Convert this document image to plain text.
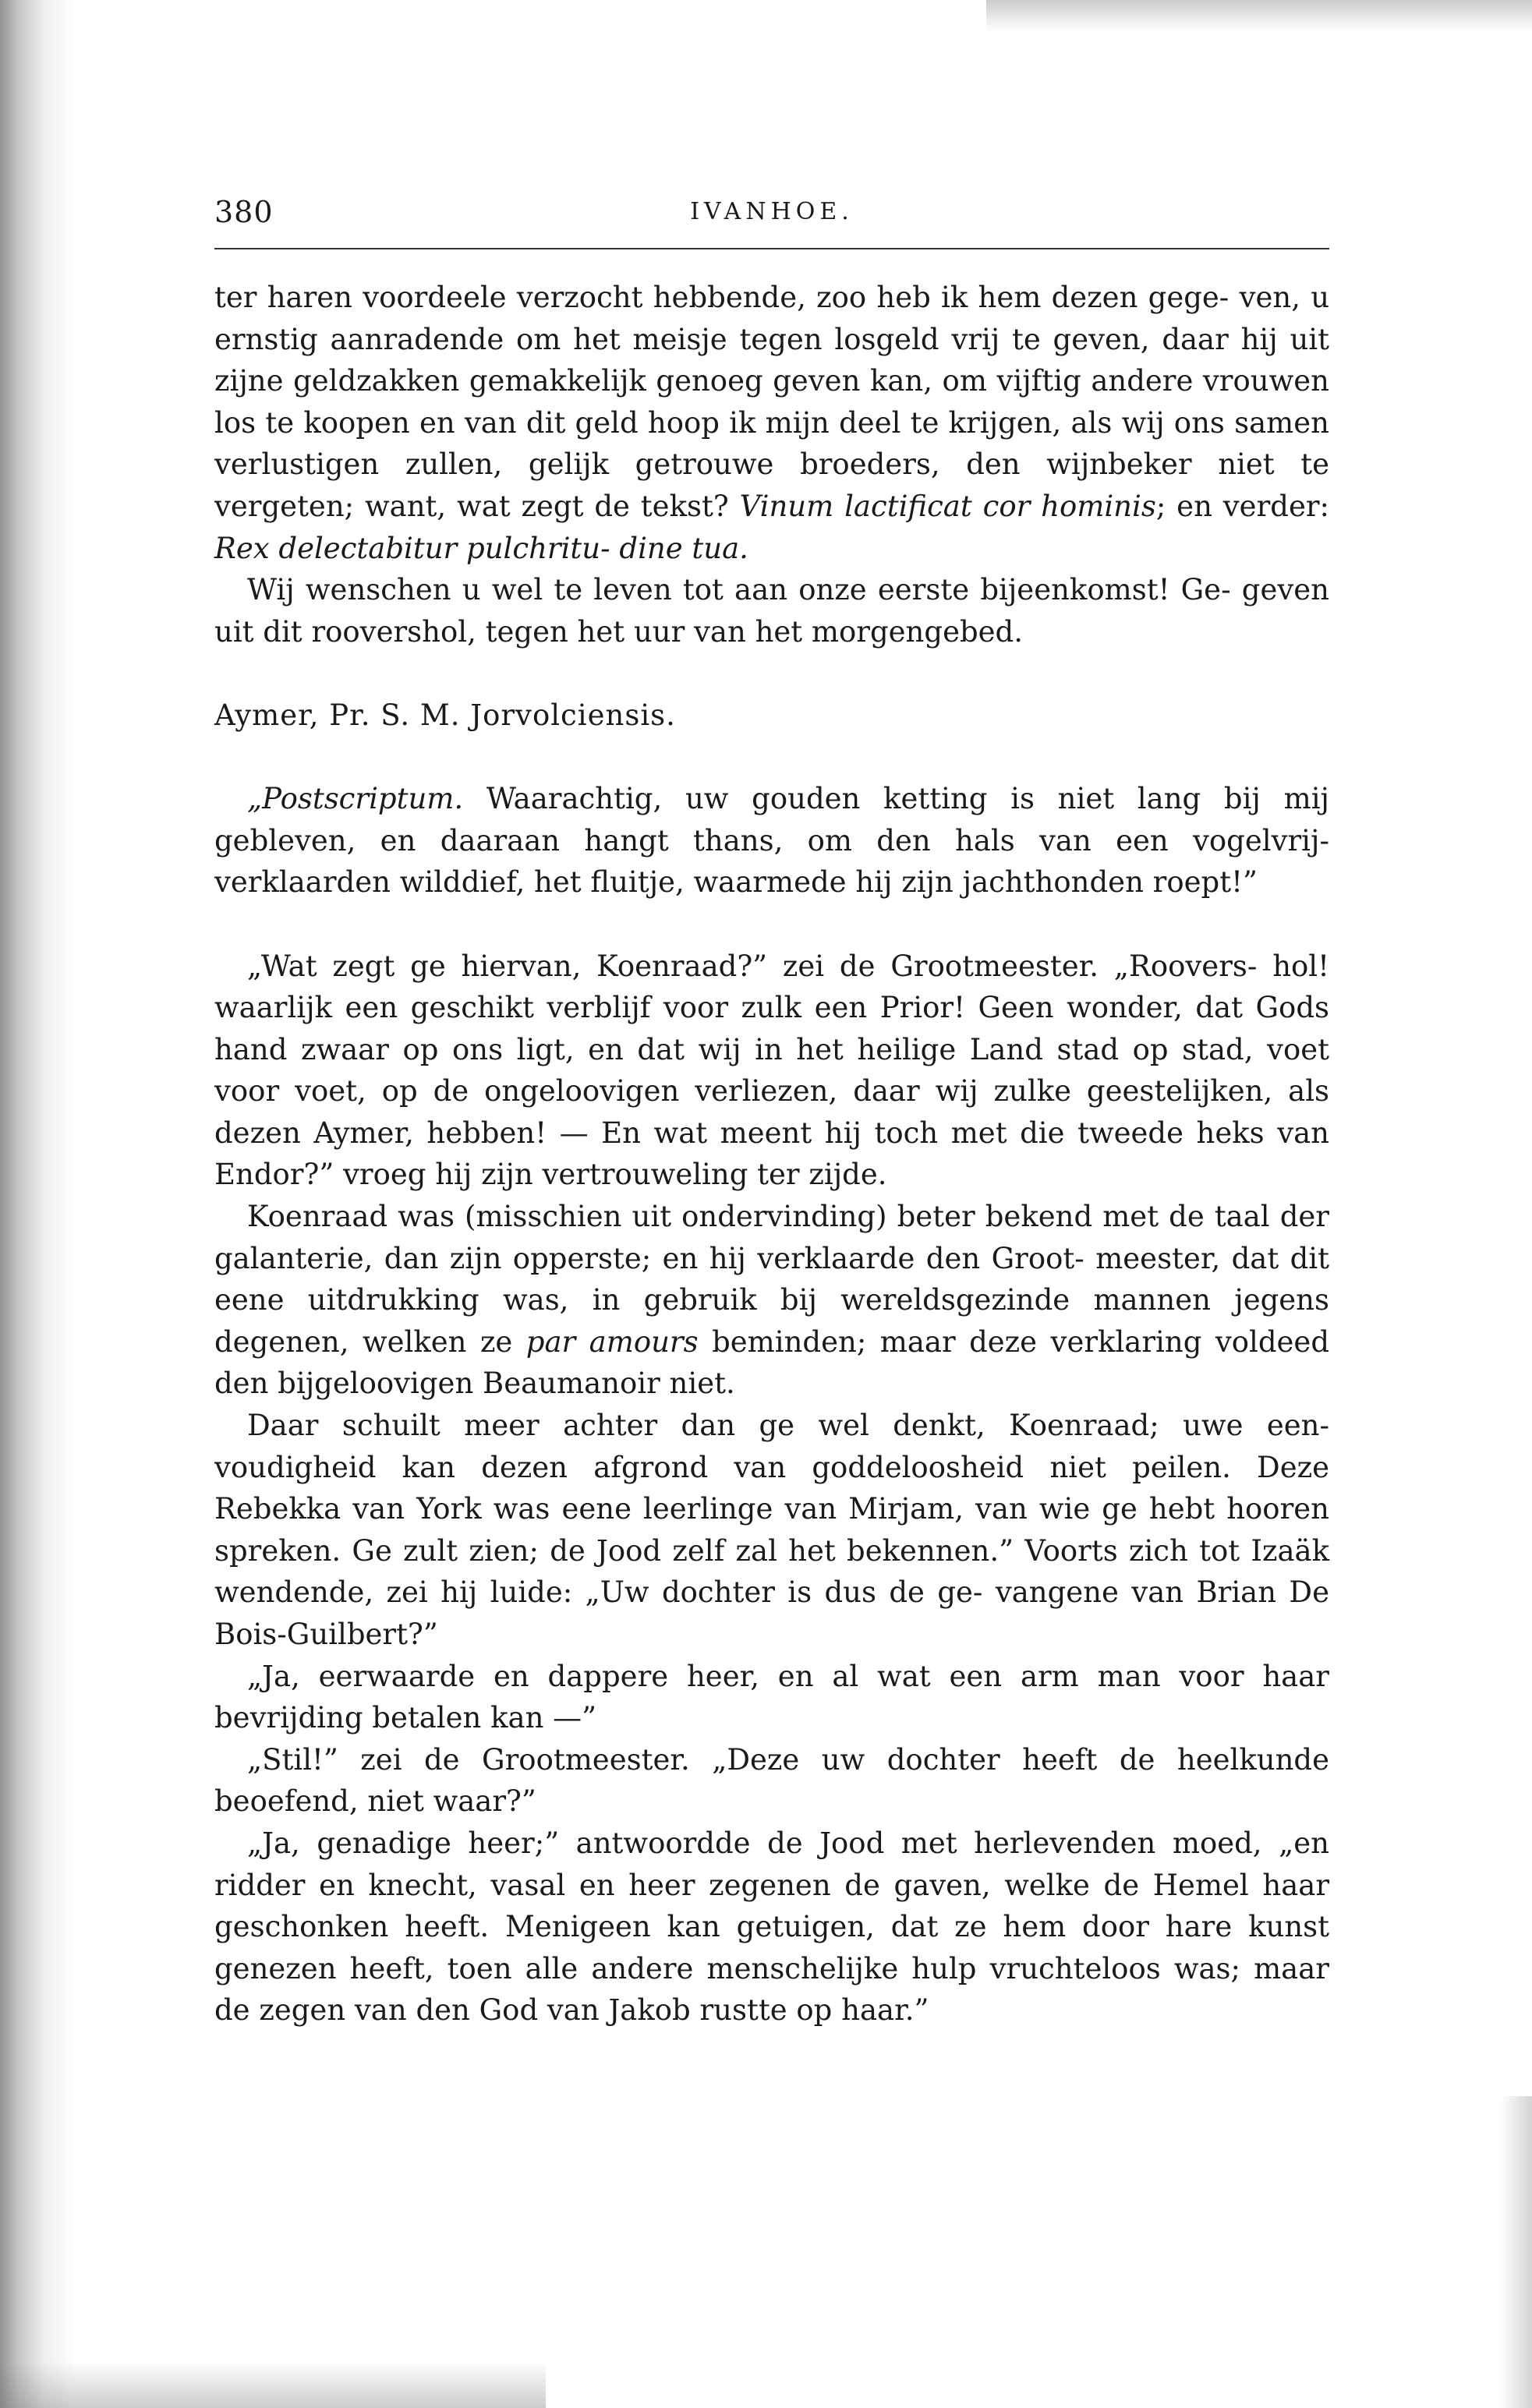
380	IVANHOE.

ter haren voordeele verzocht hebbende, zoo heb ik hem dezen gege- ven, u ernstig aanradende om het meisje tegen losgeld vrij te geven, daar hij uit zijne geldzakken gemakkelijk genoeg geven kan, om vijftig andere vrouwen los te koopen en van dit geld hoop ik mijn deel te krijgen, als wij ons samen verlustigen zullen, gelijk getrouwe broeders, den wijnbeker niet te vergeten; want, wat zegt de tekst? Vinum lactificat cor hominis; en verder: Rex delectabitur pulchritu- dine tua.

Wij wenschen u wel te leven tot aan onze eerste bijeenkomst! Ge- geven uit dit roovershol, tegen het uur van het morgengebed.

Aymer, Pr. S. M. Jorvolciensis.

„Postscriptum. Waarachtig, uw gouden ketting is niet lang bij mij gebleven, en daaraan hangt thans, om den hals van een vogelvrij- verklaarden wilddief, het fluitje, waarmede hij zijn jachthonden roept!”

„Wat zegt ge hiervan, Koenraad?” zei de Grootmeester. „Roovers- hol! waarlijk een geschikt verblijf voor zulk een Prior! Geen wonder, dat Gods hand zwaar op ons ligt, en dat wij in het heilige Land stad op stad, voet voor voet, op de ongeloovigen verliezen, daar wij zulke geestelijken, als dezen Aymer, hebben! — En wat meent hij toch met die tweede heks van Endor?” vroeg hij zijn vertrouweling ter zijde.

Koenraad was (misschien uit ondervinding) beter bekend met de taal der galanterie, dan zijn opperste; en hij verklaarde den Groot- meester, dat dit eene uitdrukking was, in gebruik bij wereldsgezinde mannen jegens degenen, welken ze par amours beminden; maar deze verklaring voldeed den bijgeloovigen Beaumanoir niet.

Daar schuilt meer achter dan ge wel denkt, Koenraad; uwe een- voudigheid kan dezen afgrond van goddeloosheid niet peilen. Deze Rebekka van York was eene leerlinge van Mirjam, van wie ge hebt hooren spreken. Ge zult zien; de Jood zelf zal het bekennen.” Voorts zich tot Izaäk wendende, zei hij luide: „Uw dochter is dus de ge- vangene van Brian De Bois-Guilbert?”

„Ja, eerwaarde en dappere heer, en al wat een arm man voor haar bevrijding betalen kan —”

„Stil!” zei de Grootmeester. „Deze uw dochter heeft de heelkunde beoefend, niet waar?”

„Ja, genadige heer;” antwoordde de Jood met herlevenden moed, „en ridder en knecht, vasal en heer zegenen de gaven, welke de Hemel haar geschonken heeft. Menigeen kan getuigen, dat ze hem door hare kunst genezen heeft, toen alle andere menschelijke hulp vruchteloos was; maar de zegen van den God van Jakob rustte op haar.”
